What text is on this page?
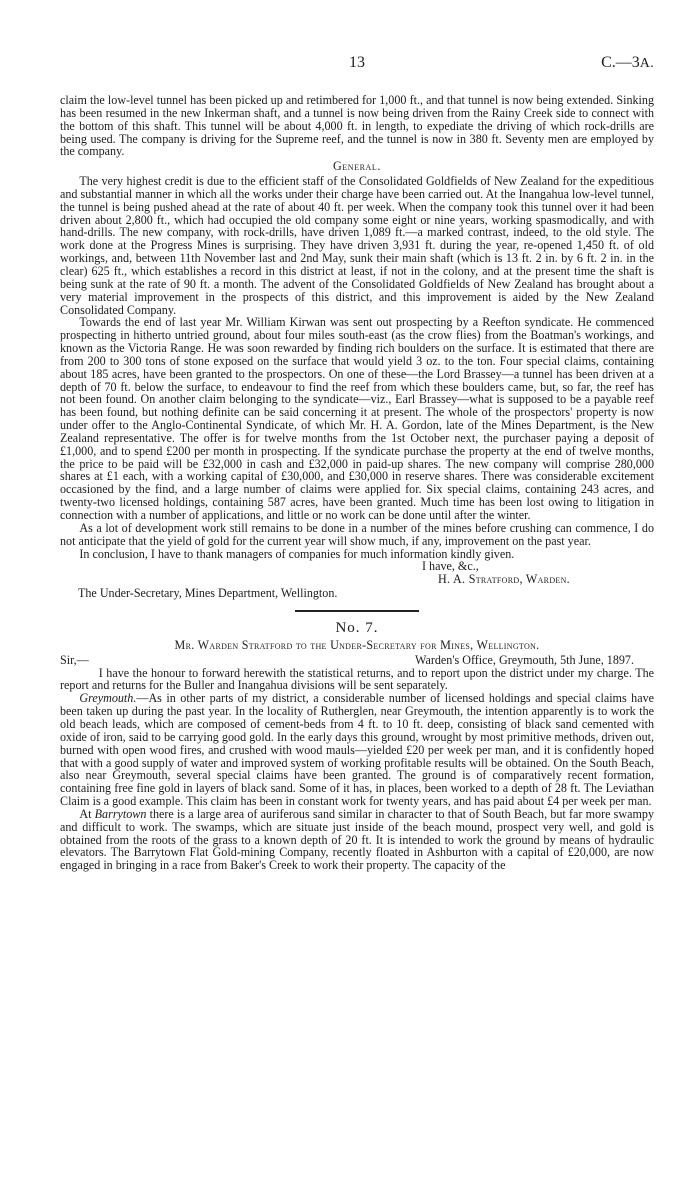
13	C.—3A.

claim the low-level tunnel has been picked up and retimbered for 1,000 ft., and that tunnel is now being extended. Sinking has been resumed in the new Inkerman shaft, and a tunnel is now being driven from the Rainy Creek side to connect with the bottom of this shaft. This tunnel will be about 4,000 ft. in length, to expediate the driving of which rock-drills are being used. The company is driving for the Supreme reef, and the tunnel is now in 380 ft. Seventy men are employed by the company.

General.

The very highest credit is due to the efficient staff of the Consolidated Goldfields of New Zealand for the expeditious and substantial manner in which all the works under their charge have been carried out. At the Inangahua low-level tunnel, the tunnel is being pushed ahead at the rate of about 40 ft. per week. When the company took this tunnel over it had been driven about 2,800 ft., which had occupied the old company some eight or nine years, working spasmodically, and with hand-drills. The new company, with rock-drills, have driven 1,089 ft.—a marked contrast, indeed, to the old style. The work done at the Progress Mines is surprising. They have driven 3,931 ft. during the year, re-opened 1,450 ft. of old workings, and, between 11th November last and 2nd May, sunk their main shaft (which is 13 ft. 2 in. by 6 ft. 2 in. in the clear) 625 ft., which establishes a record in this district at least, if not in the colony, and at the present time the shaft is being sunk at the rate of 90 ft. a month. The advent of the Consolidated Goldfields of New Zealand has brought about a very material improvement in the prospects of this district, and this improvement is aided by the New Zealand Consolidated Company.

Towards the end of last year Mr. William Kirwan was sent out prospecting by a Reefton syndicate. He commenced prospecting in hitherto untried ground, about four miles south-east (as the crow flies) from the Boatman's workings, and known as the Victoria Range. He was soon rewarded by finding rich boulders on the surface. It is estimated that there are from 200 to 300 tons of stone exposed on the surface that would yield 3 oz. to the ton. Four special claims, containing about 185 acres, have been granted to the prospectors. On one of these—the Lord Brassey—a tunnel has been driven at a depth of 70 ft. below the surface, to endeavour to find the reef from which these boulders came, but, so far, the reef has not been found. On another claim belonging to the syndicate—viz., Earl Brassey—what is supposed to be a payable reef has been found, but nothing definite can be said concerning it at present. The whole of the prospectors' property is now under offer to the Anglo-Continental Syndicate, of which Mr. H. A. Gordon, late of the Mines Department, is the New Zealand representative. The offer is for twelve months from the 1st October next, the purchaser paying a deposit of £1,000, and to spend £200 per month in prospecting. If the syndicate purchase the property at the end of twelve months, the price to be paid will be £32,000 in cash and £32,000 in paid-up shares. The new company will comprise 280,000 shares at £1 each, with a working capital of £30,000, and £30,000 in reserve shares. There was considerable excitement occasioned by the find, and a large number of claims were applied for. Six special claims, containing 243 acres, and twenty-two licensed holdings, containing 587 acres, have been granted. Much time has been lost owing to litigation in connection with a number of applications, and little or no work can be done until after the winter.

As a lot of development work still remains to be done in a number of the mines before crushing can commence, I do not anticipate that the yield of gold for the current year will show much, if any, improvement on the past year.

In conclusion, I have to thank managers of companies for much information kindly given.

I have, &c.,
H. A. Stratford, Warden.
The Under-Secretary, Mines Department, Wellington.
No. 7.
Mr. Warden Stratford to the Under-Secretary for Mines, Wellington.
Sir,—	Warden's Office, Greymouth, 5th June, 1897.

I have the honour to forward herewith the statistical returns, and to report upon the district under my charge. The report and returns for the Buller and Inangahua divisions will be sent separately.

Greymouth.—As in other parts of my district, a considerable number of licensed holdings and special claims have been taken up during the past year. In the locality of Rutherglen, near Greymouth, the intention apparently is to work the old beach leads, which are composed of cement-beds from 4 ft. to 10 ft. deep, consisting of black sand cemented with oxide of iron, said to be carrying good gold. In the early days this ground, wrought by most primitive methods, driven out, burned with open wood fires, and crushed with wood mauls—yielded £20 per week per man, and it is confidently hoped that with a good supply of water and improved system of working profitable results will be obtained. On the South Beach, also near Greymouth, several special claims have been granted. The ground is of comparatively recent formation, containing free fine gold in layers of black sand. Some of it has, in places, been worked to a depth of 28 ft. The Leviathan Claim is a good example. This claim has been in constant work for twenty years, and has paid about £4 per week per man.

At Barrytown there is a large area of auriferous sand similar in character to that of South Beach, but far more swampy and difficult to work. The swamps, which are situate just inside of the beach mound, prospect very well, and gold is obtained from the roots of the grass to a known depth of 20 ft. It is intended to work the ground by means of hydraulic elevators. The Barrytown Flat Gold-mining Company, recently floated in Ashburton with a capital of £20,000, are now engaged in bringing in a race from Baker's Creek to work their property. The capacity of the
